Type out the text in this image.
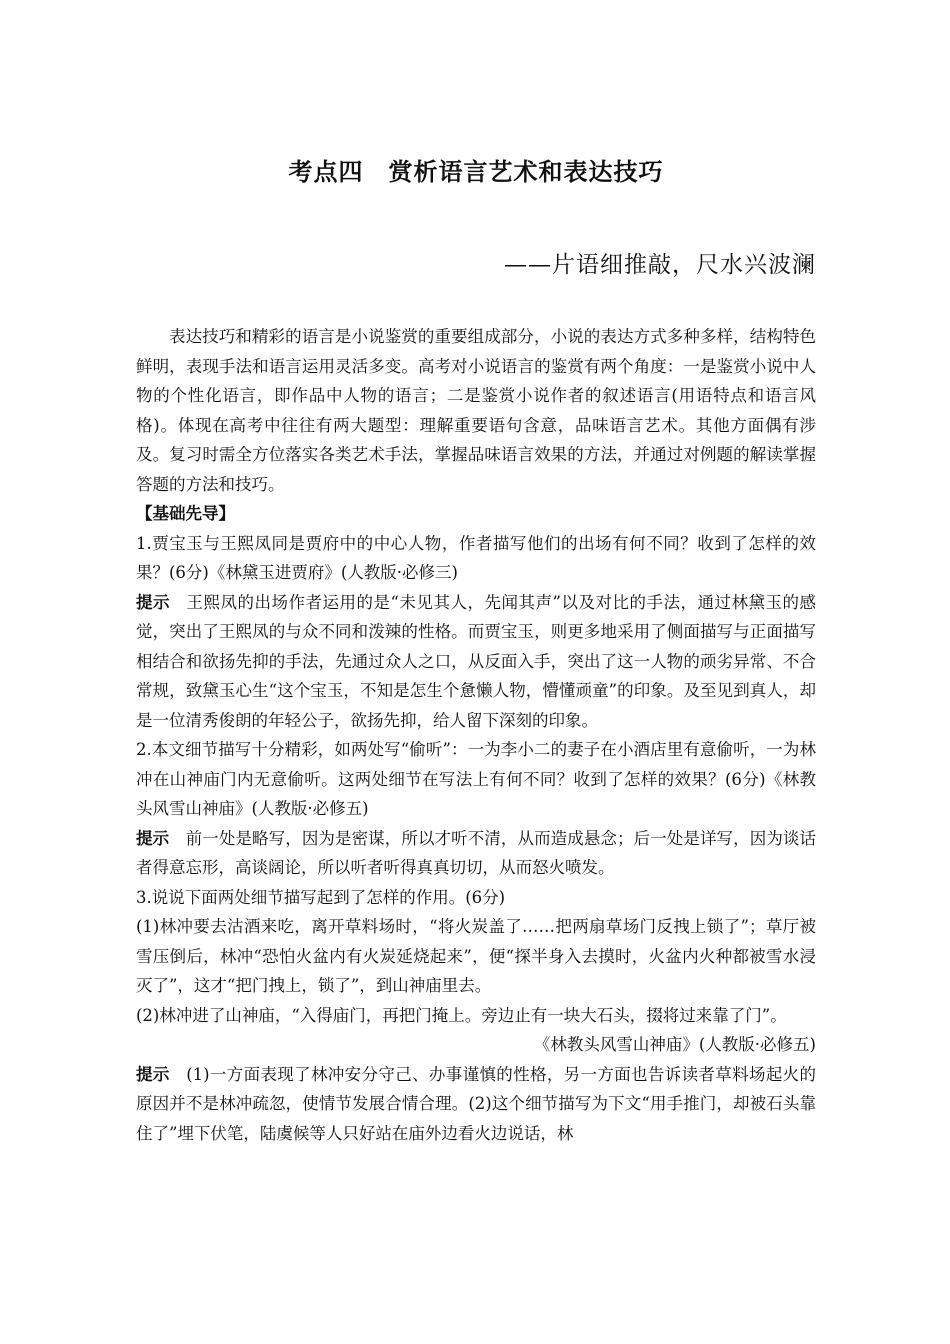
考点四　赏析语言艺术和表达技巧
——片语细推敲，尺水兴波澜

表达技巧和精彩的语言是小说鉴赏的重要组成部分，小说的表达方式多种多样，结构特色鲜明，表现手法和语言运用灵活多变。高考对小说语言的鉴赏有两个角度：一是鉴赏小说中人物的个性化语言，即作品中人物的语言；二是鉴赏小说作者的叙述语言(用语特点和语言风格)。体现在高考中往往有两大题型：理解重要语句含意，品味语言艺术。其他方面偶有涉及。复习时需全方位落实各类艺术手法，掌握品味语言效果的方法，并通过对例题的解读掌握答题的方法和技巧。

【基础先导】

1.贾宝玉与王熙凤同是贾府中的中心人物，作者描写他们的出场有何不同？收到了怎样的效果？(6分)《林黛玉进贾府》(人教版·必修三)

提示 王熙凤的出场作者运用的是“未见其人，先闻其声”以及对比的手法，通过林黛玉的感觉，突出了王熙凤的与众不同和泼辣的性格。而贾宝玉，则更多地采用了侧面描写与正面描写相结合和欲扬先抑的手法，先通过众人之口，从反面入手，突出了这一人物的顽劣异常、不合常规，致黛玉心生“这个宝玉，不知是怎生个惫懒人物，懵懂顽童”的印象。及至见到真人，却是一位清秀俊朗的年轻公子，欲扬先抑，给人留下深刻的印象。

2.本文细节描写十分精彩，如两处写“偷听”：一为李小二的妻子在小酒店里有意偷听，一为林冲在山神庙门内无意偷听。这两处细节在写法上有何不同？收到了怎样的效果？(6分)《林教头风雪山神庙》(人教版·必修五)

提示 前一处是略写，因为是密谋，所以才听不清，从而造成悬念；后一处是详写，因为谈话者得意忘形，高谈阔论，所以听者听得真真切切，从而怒火喷发。

3.说说下面两处细节描写起到了怎样的作用。(6分)

(1)林冲要去沽酒来吃，离开草料场时，“将火炭盖了……把两扇草场门反拽上锁了”；草厅被雪压倒后，林冲“恐怕火盆内有火炭延烧起来”，便“探半身入去摸时，火盆内火种都被雪水浸灭了”，这才“把门拽上，锁了”，到山神庙里去。

(2)林冲进了山神庙，“入得庙门，再把门掩上。旁边止有一块大石头，掇将过来靠了门”。

《林教头风雪山神庙》(人教版·必修五)

提示 (1)一方面表现了林冲安分守己、办事谨慎的性格，另一方面也告诉读者草料场起火的原因并不是林冲疏忽，使情节发展合情合理。(2)这个细节描写为下文“用手推门，却被石头靠住了”埋下伏笔，陆虞候等人只好站在庙外边看火边说话，林
